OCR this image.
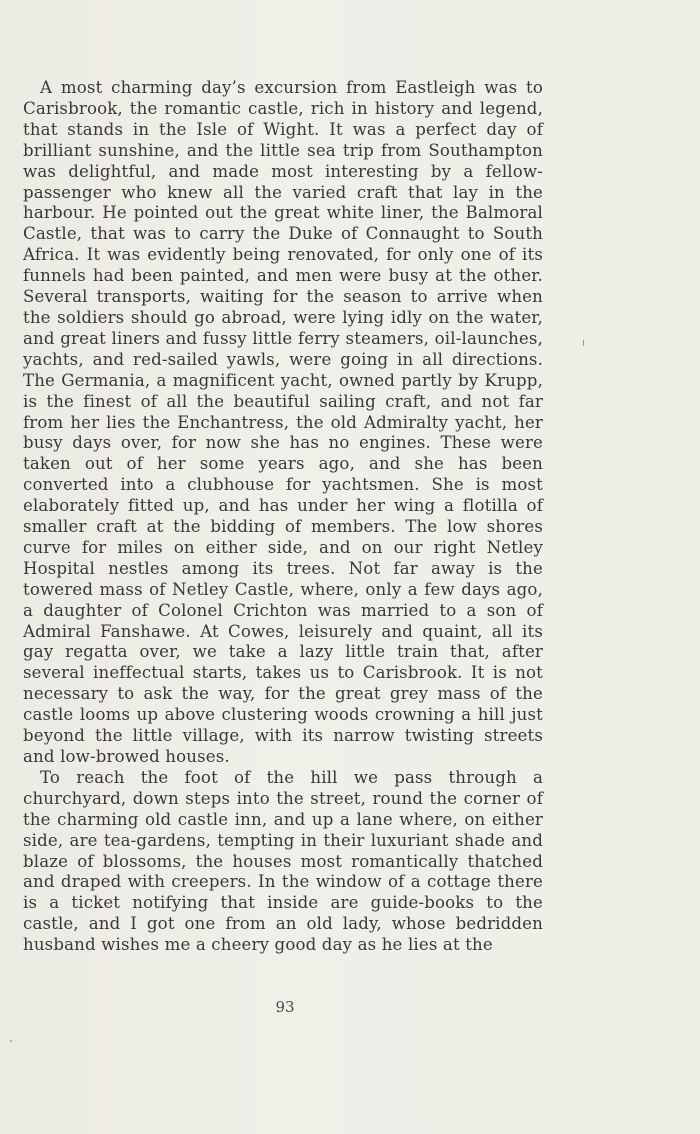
A most charming day’s excursion from Eastleigh was to Carisbrook, the romantic castle, rich in history and legend, that stands in the Isle of Wight. It was a perfect day of brilliant sunshine, and the little sea trip from Southampton was delightful, and made most interesting by a fellow-passenger who knew all the varied craft that lay in the harbour. He pointed out the great white liner, the Balmoral Castle, that was to carry the Duke of Connaught to South Africa. It was evidently being renovated, for only one of its funnels had been painted, and men were busy at the other. Several transports, waiting for the season to arrive when the soldiers should go abroad, were lying idly on the water, and great liners and fussy little ferry steamers, oil-launches, yachts, and red-sailed yawls, were going in all directions. The Germania, a magnificent yacht, owned partly by Krupp, is the finest of all the beautiful sailing craft, and not far from her lies the Enchantress, the old Admiralty yacht, her busy days over, for now she has no engines. These were taken out of her some years ago, and she has been converted into a clubhouse for yachtsmen. She is most elaborately fitted up, and has under her wing a flotilla of smaller craft at the bidding of members. The low shores curve for miles on either side, and on our right Netley Hospital nestles among its trees. Not far away is the towered mass of Netley Castle, where, only a few days ago, a daughter of Colonel Crichton was married to a son of Admiral Fanshawe. At Cowes, leisurely and quaint, all its gay regatta over, we take a lazy little train that, after several ineffectual starts, takes us to Carisbrook. It is not necessary to ask the way, for the great grey mass of the castle looms up above clustering woods crowning a hill just beyond the little village, with its narrow twisting streets and low-browed houses.

To reach the foot of the hill we pass through a churchyard, down steps into the street, round the corner of the charming old castle inn, and up a lane where, on either side, are tea-gardens, tempting in their luxuriant shade and blaze of blossoms, the houses most romantically thatched and draped with creepers. In the window of a cottage there is a ticket notifying that inside are guide-books to the castle, and I got one from an old lady, whose bedridden husband wishes me a cheery good day as he lies at the

93
